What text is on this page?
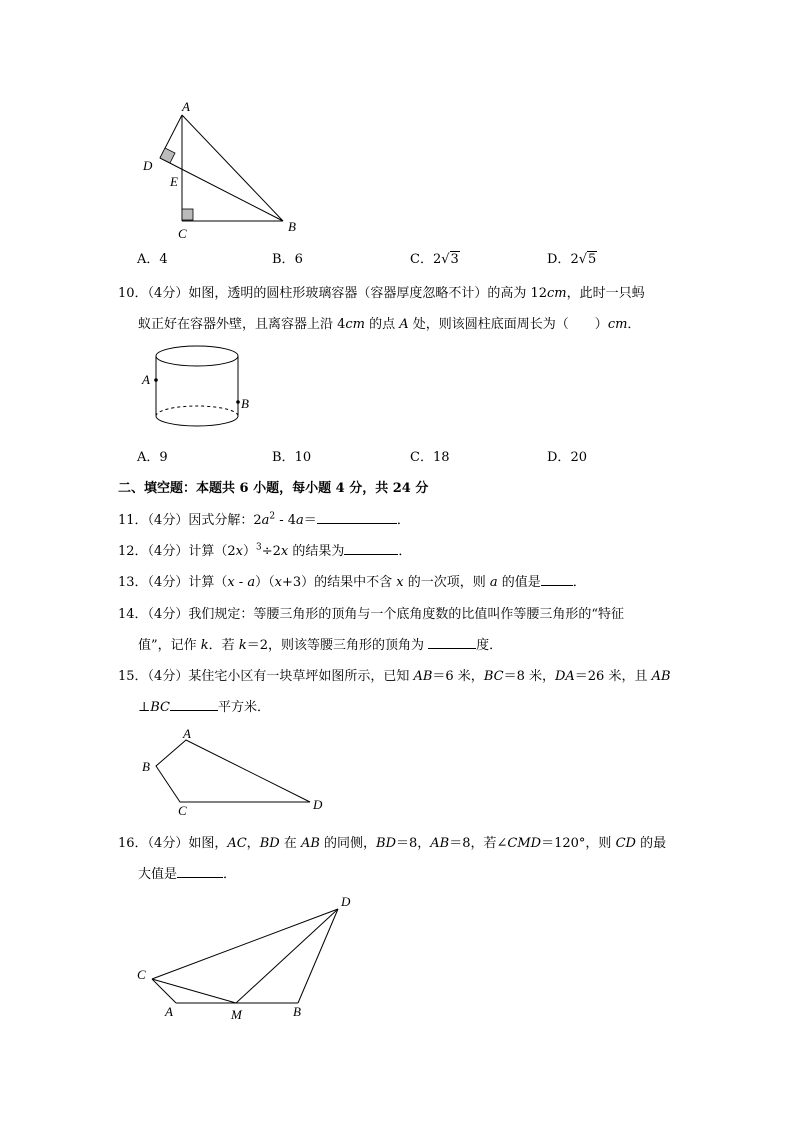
A
D
E
C	B
A．4	B．6	C．2√3	D．2√5
10．（4分）如图，透明的圆柱形玻璃容器（容器厚度忽略不计）的高为 12cm，此时一只蚂
蚁正好在容器外壁，且离容器上沿 4cm 的点 A 处，则该圆柱底面周长为（　　）cm．
A
B
A．9	B．10	C．18	D．20
二、填空题：本题共 6 小题，每小题 4 分，共 24 分
11．（4分）因式分解：$2a^2 - 4a=$	．
12．（4分）计算$(2x)^3\div 2x$ 的结果为	．
13．（4分）计算（x - a）（x+3）的结果中不含 x 的一次项，则 a 的值是 ．
14．（4分）我们规定：等腰三角形的顶角与一个底角度数的比值叫作等腰三角形的“特征
值”，记作 k．若 k＝2，则该等腰三角形的顶角为	度．
15．（4分）某住宅小区有一块草坪如图所示，已知 AB＝6 米，BC＝8 米，DA＝26 米，且 AB
⊥BC	平方米．
A
B
C	D
16．（4分）如图，AC，BD 在 AB 的同侧，BD＝8，AB＝8，若∠CMD＝120°，则 CD 的最
大值是	．
D
C
A	M	B
